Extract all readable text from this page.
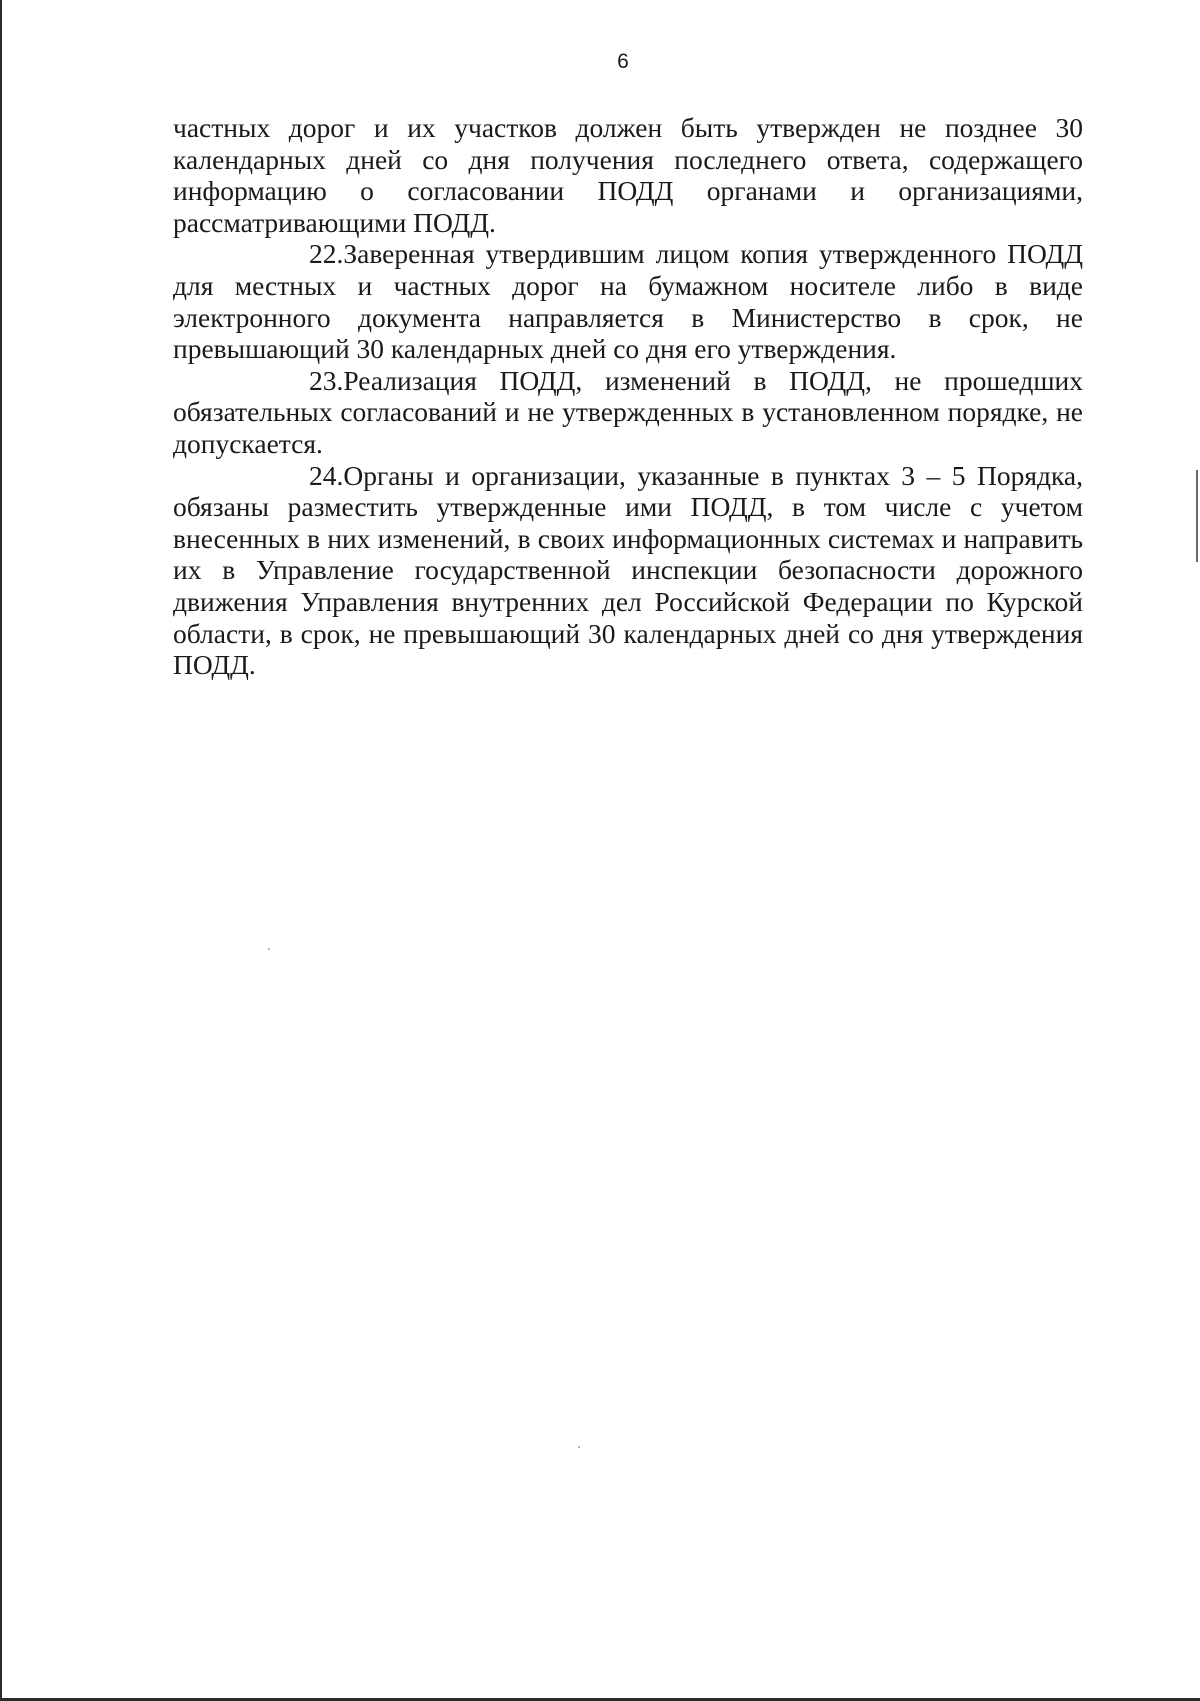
6

частных дорог и их участков должен быть утвержден не позднее 30 календарных дней со дня получения последнего ответа, содержащего информацию о согласовании ПОДД органами и организациями, рассматривающими ПОДД.

22.Заверенная утвердившим лицом копия утвержденного ПОДД для местных и частных дорог на бумажном носителе либо в виде электронного документа направляется в Министерство в срок, не превышающий 30 календарных дней со дня его утверждения.

23.Реализация ПОДД, изменений в ПОДД, не прошедших обязательных согласований и не утвержденных в установленном порядке, не допускается.

24.Органы и организации, указанные в пунктах 3 – 5 Порядка, обязаны разместить утвержденные ими ПОДД, в том числе с учетом внесенных в них изменений, в своих информационных системах и направить их в Управление государственной инспекции безопасности дорожного движения Управления внутренних дел Российской Федерации по Курской области, в срок, не превышающий 30 календарных дней со дня утверждения ПОДД.
